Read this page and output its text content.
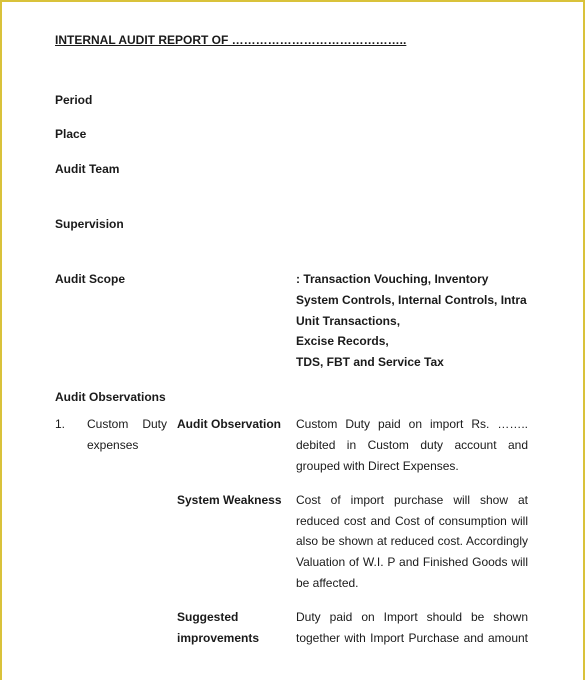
INTERNAL AUDIT REPORT OF ……………………………………..
Period
Place
Audit Team
Supervision
Audit Scope	: Transaction Vouching, Inventory
System Controls, Internal Controls, Intra
Unit Transactions,
Excise Records,
TDS, FBT and Service Tax
Audit Observations
1. Custom Duty
expenses
Audit Observation Custom Duty paid on import Rs. ……..
debited in Custom duty account and
grouped with Direct Expenses.
System Weakness Cost of import purchase will show at
reduced cost and Cost of consumption will
also be shown at reduced cost. Accordingly
Valuation of W.I. P and Finished Goods will
be affected.
Suggested
improvements
Duty paid on Import should be shown
together with Import Purchase and amount
